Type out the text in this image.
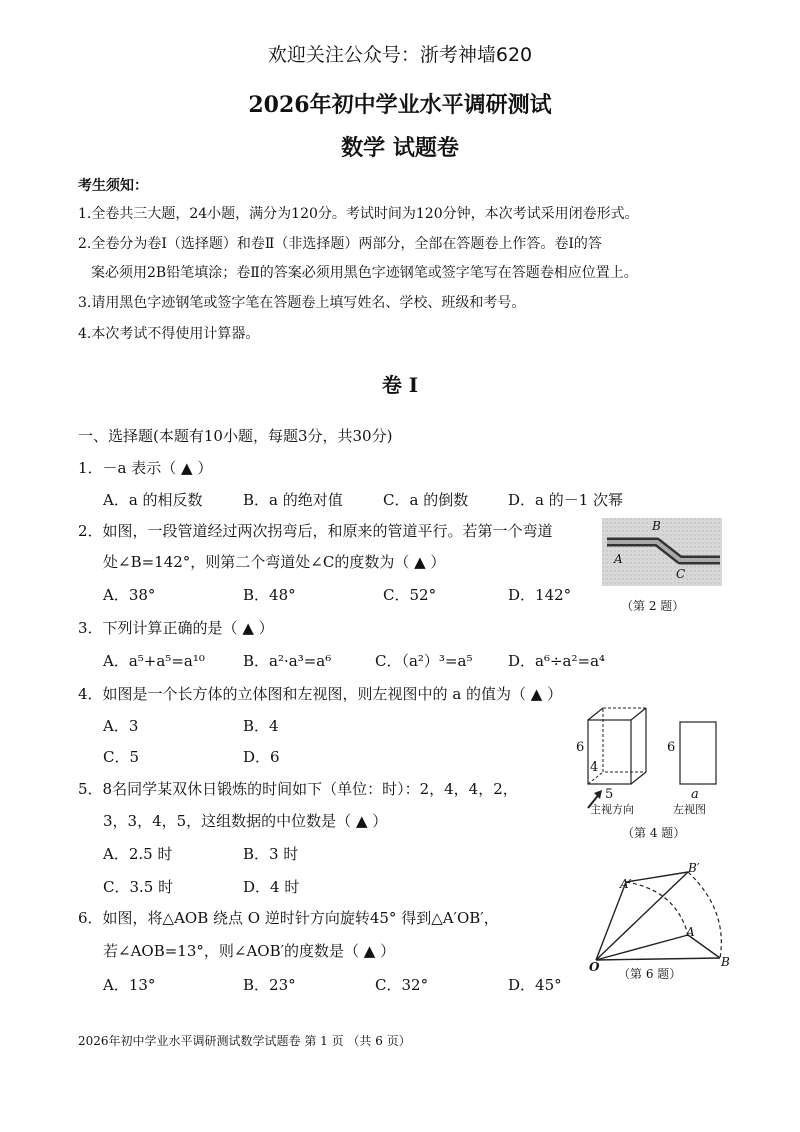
欢迎关注公众号：浙考神墙620
2026年初中学业水平调研测试
数学 试题卷
考生须知：
1.全卷共三大题，24小题，满分为120分。考试时间为120分钟，本次考试采用闭卷形式。
2.全卷分为卷Ⅰ（选择题）和卷Ⅱ（非选择题）两部分，全部在答题卷上作答。卷Ⅰ的答
案必须用2B铅笔填涂；卷Ⅱ的答案必须用黑色字迹钢笔或签字笔写在答题卷相应位置上。
3.请用黑色字迹钢笔或签字笔在答题卷上填写姓名、学校、班级和考号。
4.本次考试不得使用计算器。
卷 Ⅰ
一、选择题(本题有10小题，每题3分，共30分)
1．－a 表示（ ▲ ）
A．a 的相反数	B．a 的绝对值	C．a 的倒数	D．a 的－1 次幂
2．如图，一段管道经过两次拐弯后，和原来的管道平行。若第一个弯道
处∠B=142°，则第二个弯道处∠C的度数为（ ▲ ）
A．38°	B．48°	C．52°	D．142°
B
A
C
（第 2 题）
3．下列计算正确的是（ ▲ ）
A．a⁵+a⁵=a¹⁰	B．a²·a³=a⁶	C．（a²）³=a⁵ D．a⁶÷a²=a⁴
4．如图是一个长方体的立体图和左视图，则左视图中的 a 的值为（ ▲ ）
A．3	B．4
C．5	D．6
6
4
5
6
a
主视方向	左视图
（第 4 题）
5．8名同学某双休日锻炼的时间如下（单位：时）：2，4，4，2，
3，3，4，5，这组数据的中位数是（ ▲ ）
A．2.5 时	B．3 时
C．3.5 时	D．4 时
6．如图，将△AOB 绕点 O 逆时针方向旋转45° 得到△A′OB′，
若∠AOB=13°，则∠AOB′的度数是（ ▲ ）
A．13°	B．23°	C．32°	D．45°
O
A
B
A′
B′
（第 6 题）
2026年初中学业水平调研测试数学试题卷 第 1 页 （共 6 页）
